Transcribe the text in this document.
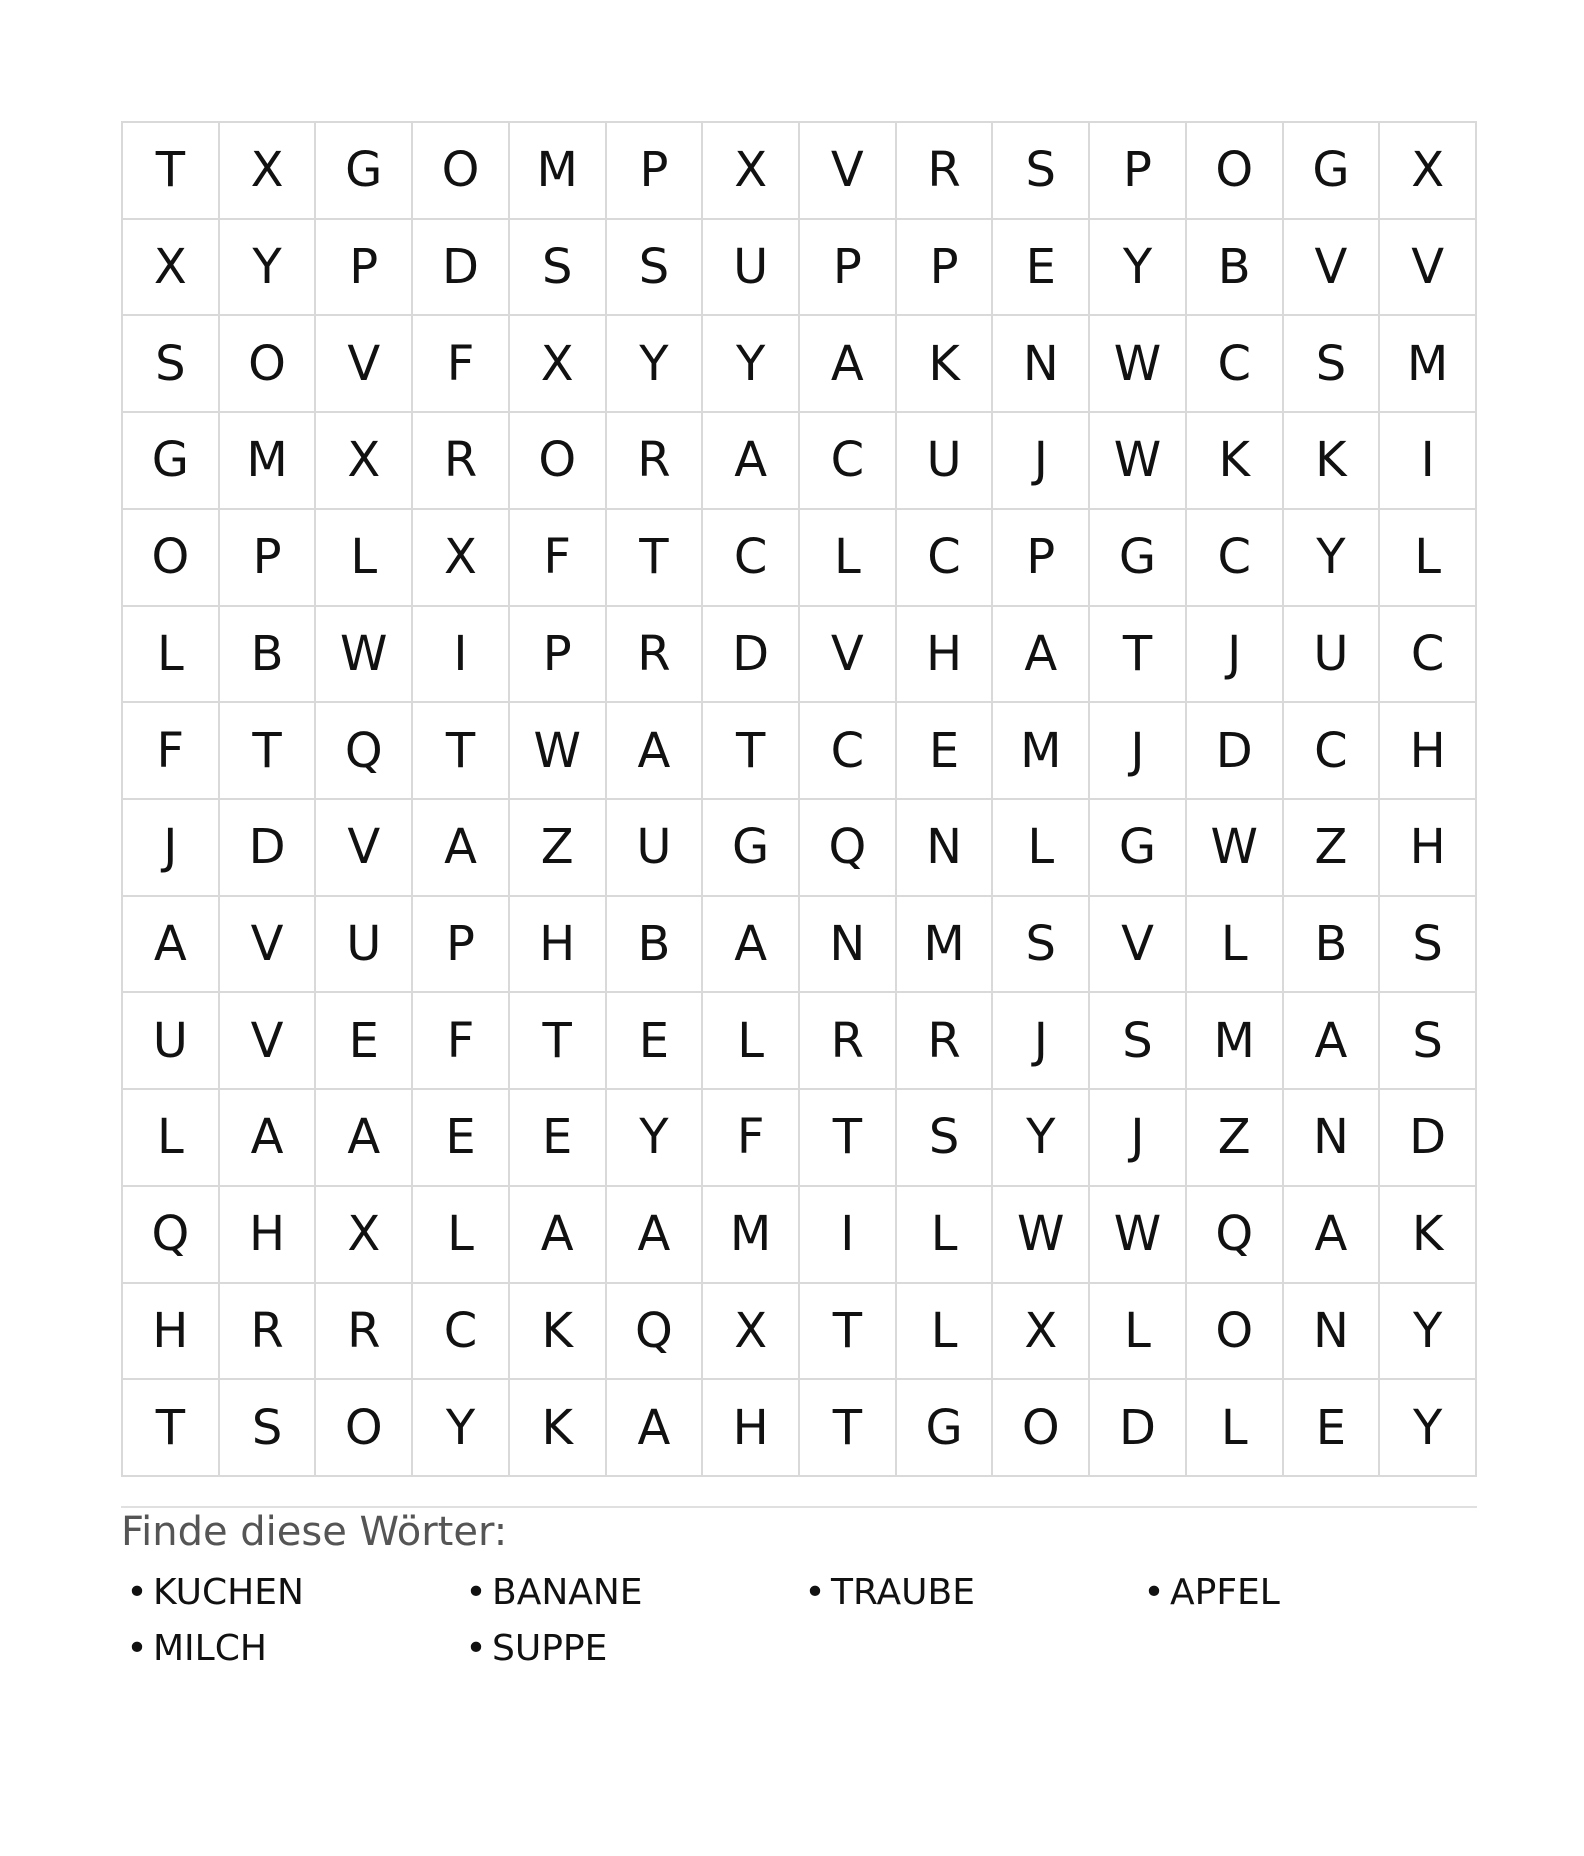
T	X	G	O	M	P	X	V	R	S	P	O	G	X
X	Y	P	D	S	S	U	P	P	E	Y	B	V	V
S	O	V	F	X	Y	Y	A	K	N	W	C	S	M
G	M	X	R	O	R	A	C	U	J	W	K	K	I
O	P	L	X	F	T	C	L	C	P	G	C	Y	L
L	B	W	I	P	R	D	V	H	A	T	J	U	C
F	T	Q	T	W	A	T	C	E	M	J	D	C	H
J	D	V	A	Z	U	G	Q	N	L	G	W	Z	H
A	V	U	P	H	B	A	N	M	S	V	L	B	S
U	V	E	F	T	E	L	R	R	J	S	M	A	S
L	A	A	E	E	Y	F	T	S	Y	J	Z	N	D
Q	H	X	L	A	A	M	I	L	W	W	Q	A	K
H	R	R	C	K	Q	X	T	L	X	L	O	N	Y
T	S	O	Y	K	A	H	T	G	O	D	L	E	Y
Finde diese Wörter:
• KUCHEN	• BANANE	• TRAUBE	• APFEL
• MILCH	• SUPPE
